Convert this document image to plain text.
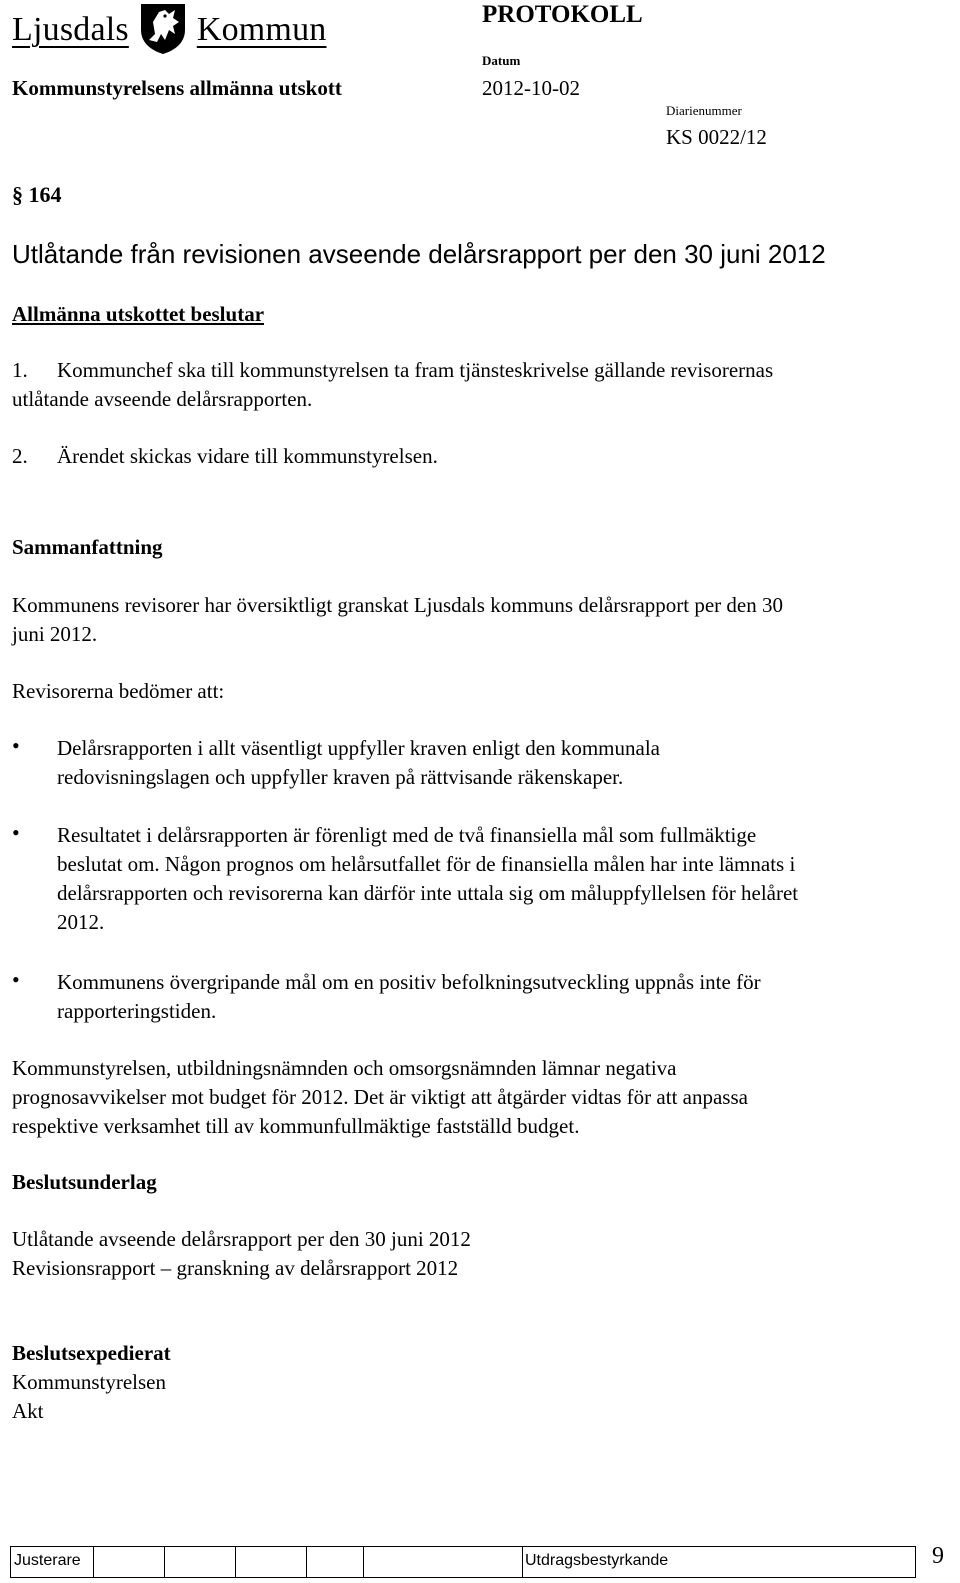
Ljusdals Kommun	PROTOKOLL
Kommunstyrelsens allmänna utskott
Datum
2012-10-02
Diarienummer
KS 0022/12
§ 164
Utlåtande från revisionen avseende delårsrapport per den 30 juni 2012
Allmänna utskottet beslutar
1. Kommunchef ska till kommunstyrelsen ta fram tjänsteskrivelse gällande revisorernas
utlåtande avseende delårsrapporten.
2. Ärendet skickas vidare till kommunstyrelsen.
Sammanfattning
Kommunens revisorer har översiktligt granskat Ljusdals kommuns delårsrapport per den 30
juni 2012.
Revisorerna bedömer att:
• Delårsrapporten i allt väsentligt uppfyller kraven enligt den kommunala
redovisningslagen och uppfyller kraven på rättvisande räkenskaper.
• Resultatet i delårsrapporten är förenligt med de två finansiella mål som fullmäktige
beslutat om. Någon prognos om helårsutfallet för de finansiella målen har inte lämnats i
delårsrapporten och revisorerna kan därför inte uttala sig om måluppfyllelsen för helåret
2012.
• Kommunens övergripande mål om en positiv befolkningsutveckling uppnås inte för
rapporteringstiden.
Kommunstyrelsen, utbildningsnämnden och omsorgsnämnden lämnar negativa
prognosavvikelser mot budget för 2012. Det är viktigt att åtgärder vidtas för att anpassa
respektive verksamhet till av kommunfullmäktige fastställd budget.
Beslutsunderlag
Utlåtande avseende delårsrapport per den 30 juni 2012
Revisionsrapport – granskning av delårsrapport 2012
Beslutsexpedierat
Kommunstyrelsen
Akt
Justerare	Utdragsbestyrkande	9
